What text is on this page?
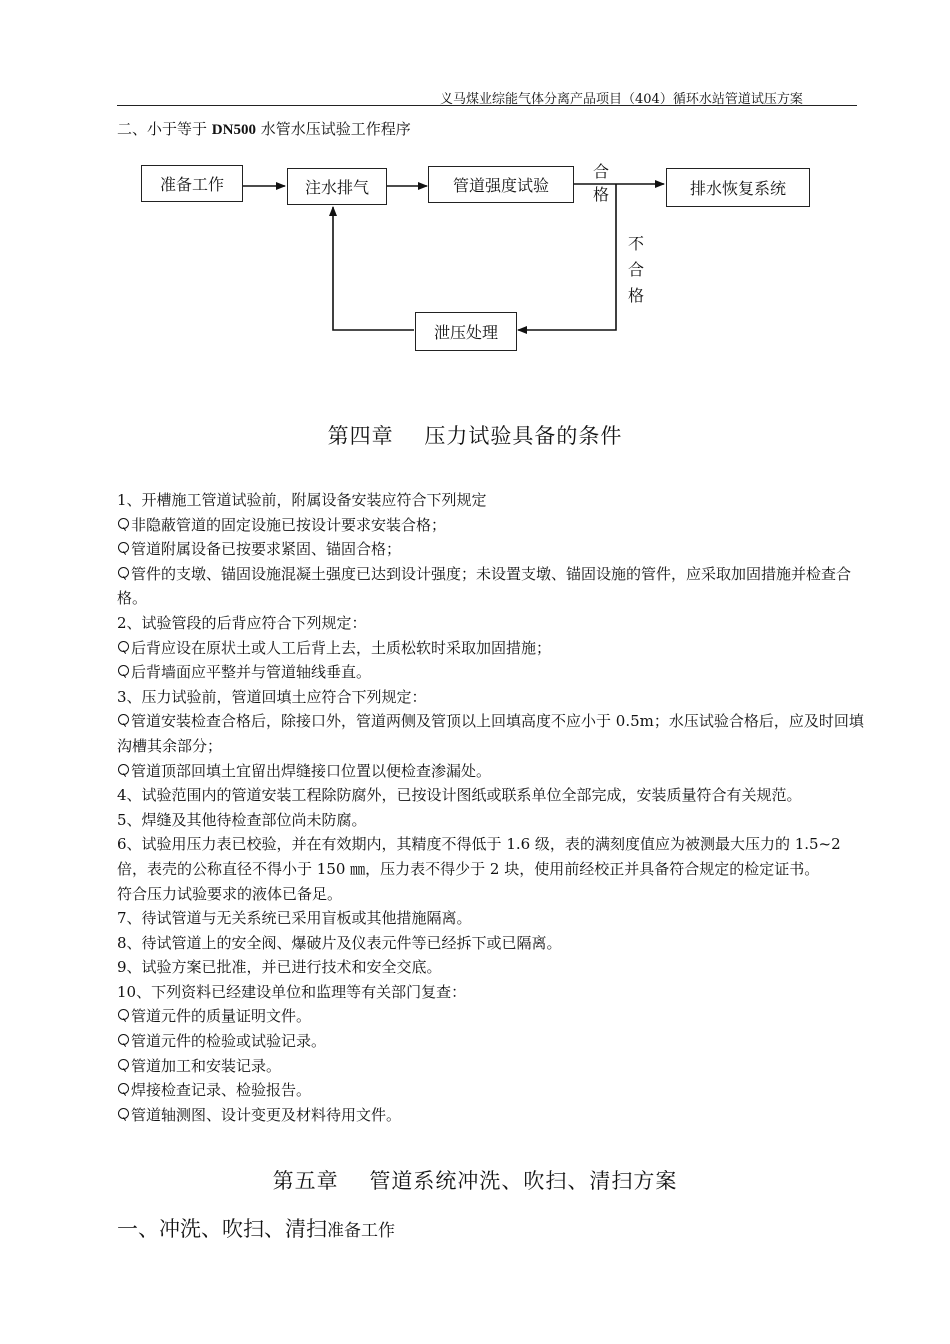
义马煤业综能气体分离产品项目（404）循环水站管道试压方案
二、小于等于 DN500 水管水压试验工作程序
准备工作	注水排气	管道强度试验	排水恢复系统
泄压处理
合格
不
合
格
第四章    压力试验具备的条件

1、开槽施工管道试验前，附属设备安装应符合下列规定

非隐蔽管道的固定设施已按设计要求安装合格；

管道附属设备已按要求紧固、锚固合格；

管件的支墩、锚固设施混凝土强度已达到设计强度；未设置支墩、锚固设施的管件，应采取加固措施并检查合格。

2、试验管段的后背应符合下列规定：

后背应设在原状土或人工后背上去，土质松软时采取加固措施；

后背墙面应平整并与管道轴线垂直。

3、压力试验前，管道回填土应符合下列规定：

管道安装检查合格后，除接口外，管道两侧及管顶以上回填高度不应小于 0.5m；水压试验合格后，应及时回填沟槽其余部分；

管道顶部回填土宜留出焊缝接口位置以便检查渗漏处。

4、试验范围内的管道安装工程除防腐外，已按设计图纸或联系单位全部完成，安装质量符合有关规范。

5、焊缝及其他待检查部位尚未防腐。

6、试验用压力表已校验，并在有效期内，其精度不得低于 1.6 级，表的满刻度值应为被测最大压力的 1.5~2 倍，表壳的公称直径不得小于 150 ㎜，压力表不得少于 2 块，使用前经校正并具备符合规定的检定证书。

符合压力试验要求的液体已备足。

7、待试管道与无关系统已采用盲板或其他措施隔离。

8、待试管道上的安全阀、爆破片及仪表元件等已经拆下或已隔离。

9、试验方案已批准，并已进行技术和安全交底。

10、下列资料已经建设单位和监理等有关部门复查：

管道元件的质量证明文件。

管道元件的检验或试验记录。

管道加工和安装记录。

焊接检查记录、检验报告。

管道轴测图、设计变更及材料待用文件。

第五章    管道系统冲洗、吹扫、清扫方案
一、冲洗、吹扫、清扫准备工作
